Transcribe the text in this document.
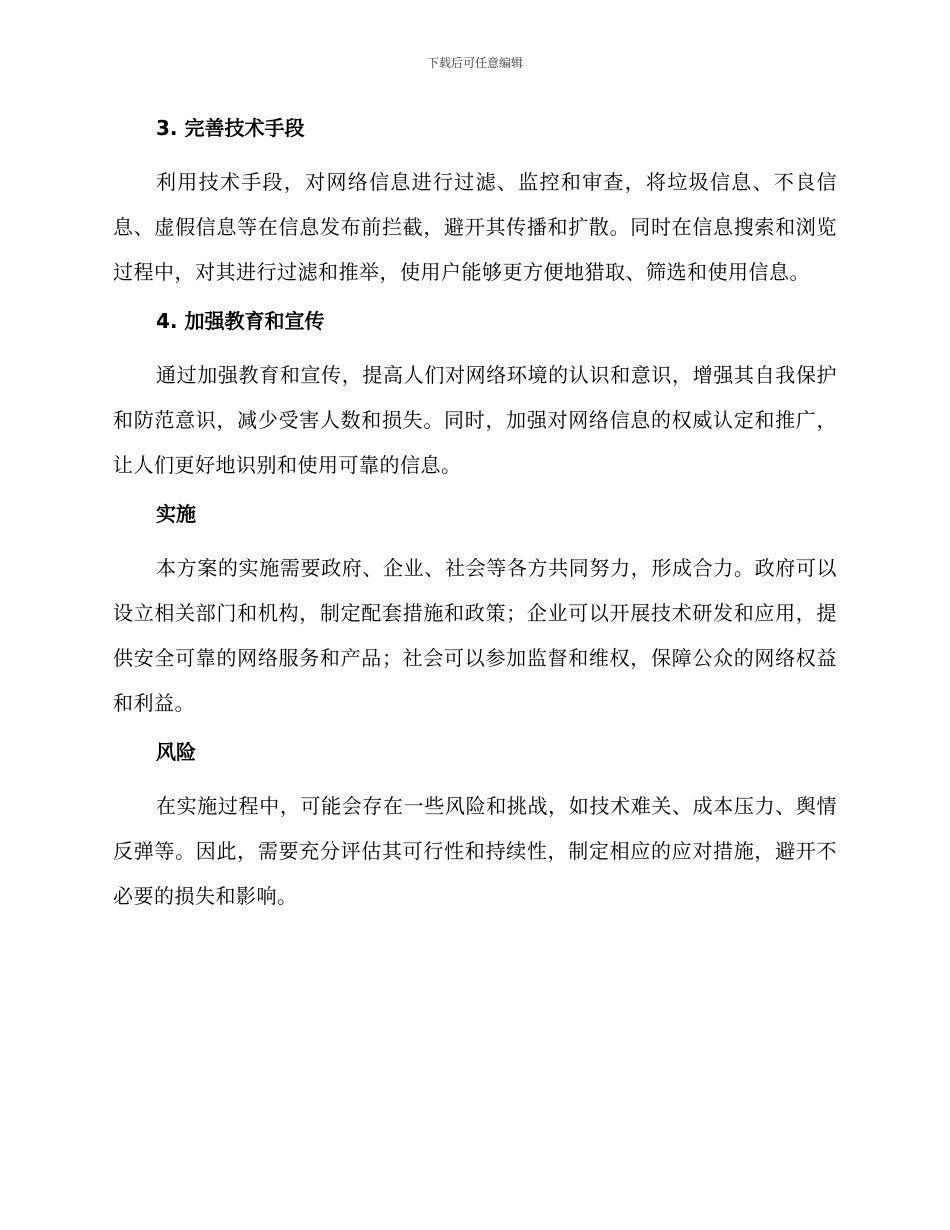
下载后可任意编辑
3. 完善技术手段

利用技术手段，对网络信息进行过滤、监控和审查，将垃圾信息、不良信息、虚假信息等在信息发布前拦截，避开其传播和扩散。同时在信息搜索和浏览过程中，对其进行过滤和推举，使用户能够更方便地猎取、筛选和使用信息。

4. 加强教育和宣传

通过加强教育和宣传，提高人们对网络环境的认识和意识，增强其自我保护和防范意识，减少受害人数和损失。同时，加强对网络信息的权威认定和推广，让人们更好地识别和使用可靠的信息。

实施

本方案的实施需要政府、企业、社会等各方共同努力，形成合力。政府可以设立相关部门和机构，制定配套措施和政策；企业可以开展技术研发和应用，提供安全可靠的网络服务和产品；社会可以参加监督和维权，保障公众的网络权益和利益。

风险

在实施过程中，可能会存在一些风险和挑战，如技术难关、成本压力、舆情反弹等。因此，需要充分评估其可行性和持续性，制定相应的应对措施，避开不必要的损失和影响。
